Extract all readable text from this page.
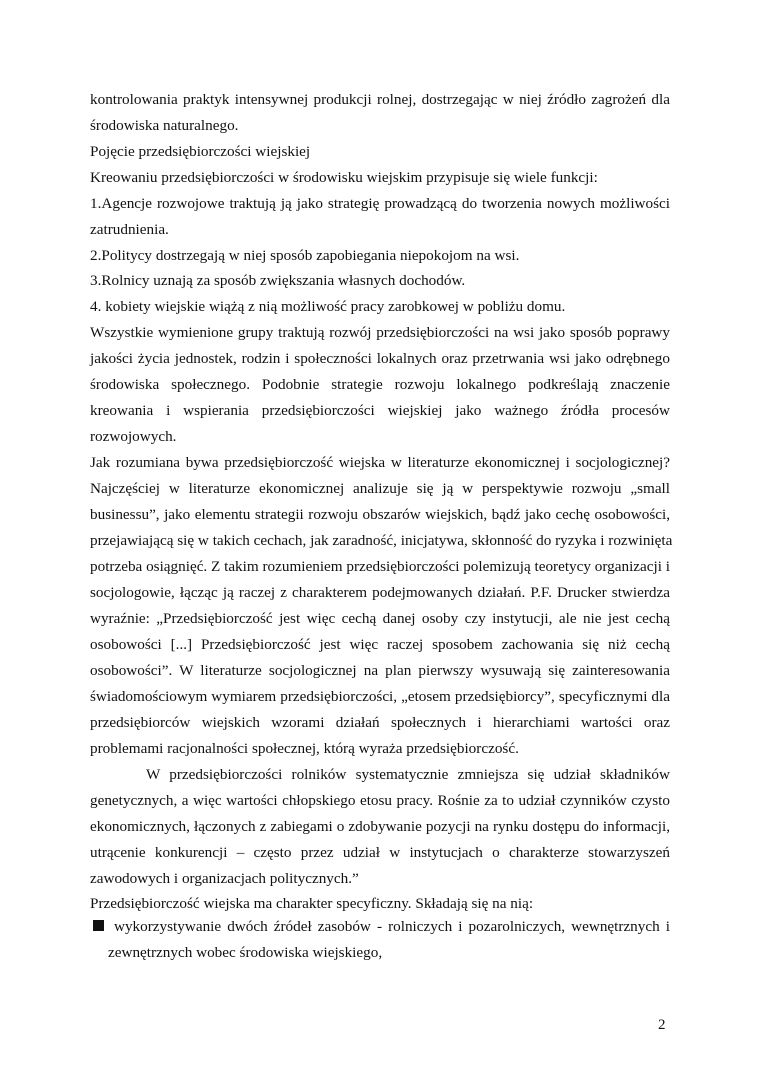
kontrolowania praktyk intensywnej produkcji rolnej, dostrzegając w niej źródło zagrożeń dla
środowiska naturalnego.
Pojęcie przedsiębiorczości wiejskiej
Kreowaniu przedsiębiorczości w środowisku wiejskim przypisuje się wiele funkcji:
1.Agencje rozwojowe traktują ją jako strategię prowadzącą do tworzenia nowych możliwości
zatrudnienia.
2.Politycy dostrzegają w niej sposób zapobiegania niepokojom na wsi.
3.Rolnicy uznają za sposób zwiększania własnych dochodów.
4. kobiety wiejskie wiążą z nią możliwość pracy zarobkowej w pobliżu domu.
Wszystkie wymienione grupy traktują rozwój przedsiębiorczości na wsi jako sposób poprawy
jakości życia jednostek, rodzin i społeczności lokalnych oraz przetrwania wsi jako odrębnego
środowiska społecznego. Podobnie strategie rozwoju lokalnego podkreślają znaczenie
kreowania i wspierania przedsiębiorczości wiejskiej jako ważnego źródła procesów
rozwojowych.
Jak rozumiana bywa przedsiębiorczość wiejska w literaturze ekonomicznej i socjologicznej?
Najczęściej w literaturze ekonomicznej analizuje się ją w perspektywie rozwoju „small
businessu”, jako elementu strategii rozwoju obszarów wiejskich, bądź jako cechę osobowości,
przejawiającą się w takich cechach, jak zaradność, inicjatywa, skłonność do ryzyka i rozwinięta
potrzeba osiągnięć. Z takim rozumieniem przedsiębiorczości polemizują teoretycy organizacji i
socjologowie, łącząc ją raczej z charakterem podejmowanych działań. P.F. Drucker stwierdza
wyraźnie: „Przedsiębiorczość jest więc cechą danej osoby czy instytucji, ale nie jest cechą
osobowości [...] Przedsiębiorczość jest więc raczej sposobem zachowania się niż cechą
osobowości”. W literaturze socjologicznej na plan pierwszy wysuwają się zainteresowania
świadomościowym wymiarem przedsiębiorczości, „etosem przedsiębiorcy”, specyficznymi dla
przedsiębiorców wiejskich wzorami działań społecznych i hierarchiami wartości oraz
problemami racjonalności społecznej, którą wyraża przedsiębiorczość.
W przedsiębiorczości rolników systematycznie zmniejsza się udział składników
genetycznych, a więc wartości chłopskiego etosu pracy. Rośnie za to udział czynników czysto
ekonomicznych, łączonych z zabiegami o zdobywanie pozycji na rynku dostępu do informacji,
utrącenie konkurencji – często przez udział w instytucjach o charakterze stowarzyszeń
zawodowych i organizacjach politycznych.”
Przedsiębiorczość wiejska ma charakter specyficzny. Składają się na nią:
wykorzystywanie dwóch źródeł zasobów - rolniczych i pozarolniczych, wewnętrznych i
zewnętrznych wobec środowiska wiejskiego,
2
